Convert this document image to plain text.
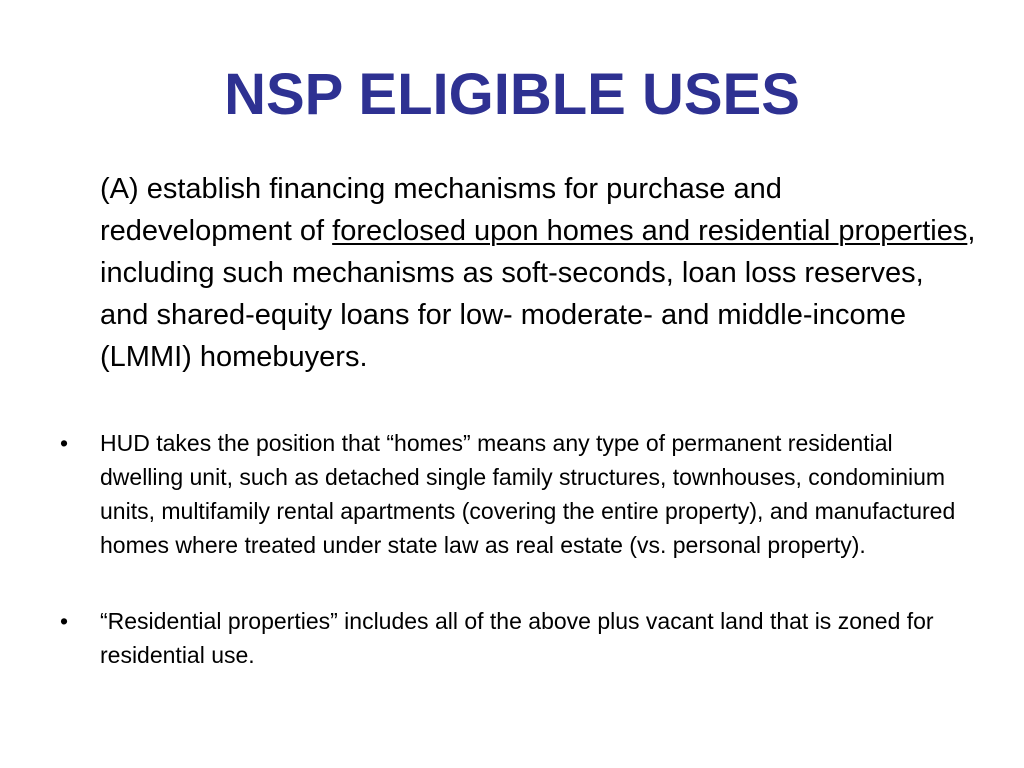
NSP ELIGIBLE USES

(A) establish financing mechanisms for purchase and redevelopment of foreclosed upon homes and residential properties, including such mechanisms as soft-seconds, loan loss reserves, and shared-equity loans for low- moderate- and middle-income (LMMI) homebuyers.

•	HUD takes the position that “homes” means any type of permanent residential dwelling unit, such as detached single family structures, townhouses, condominium units, multifamily rental apartments (covering the entire property), and manufactured homes where treated under state law as real estate (vs. personal property).
•	“Residential properties” includes all of the above plus vacant land that is zoned for residential use.
